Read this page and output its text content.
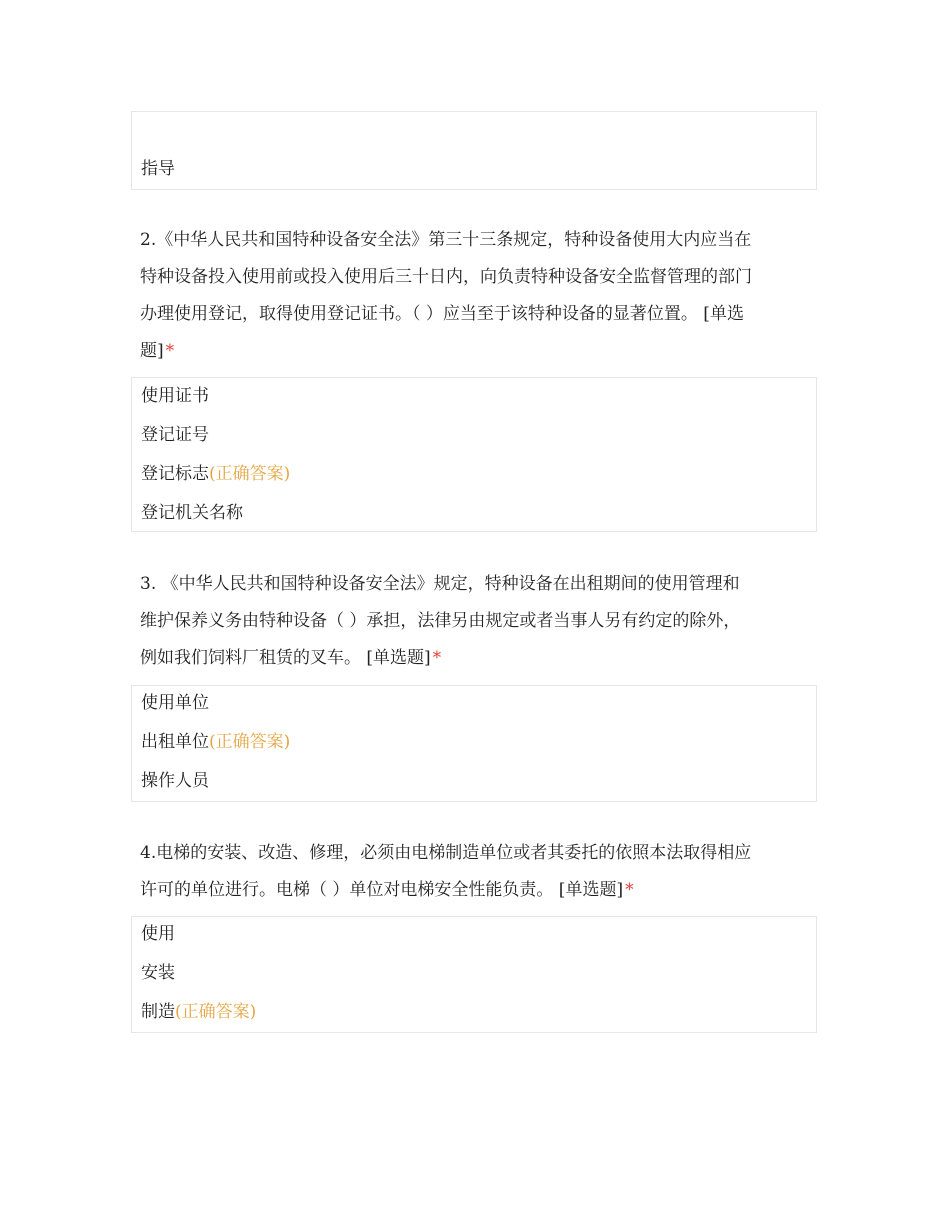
指导
2.《中华人民共和国特种设备安全法》第三十三条规定，特种设备使用大内应当在
特种设备投入使用前或投入使用后三十日内，向负责特种设备安全监督管理的部门
办理使用登记，取得使用登记证书。（ ）应当至于该特种设备的显著位置。 [单选
题] *
使用证书
登记证号
登记标志(正确答案)
登记机关名称
3. 《中华人民共和国特种设备安全法》规定，特种设备在出租期间的使用管理和
维护保养义务由特种设备（ ）承担，法律另由规定或者当事人另有约定的除外，
例如我们饲料厂租赁的叉车。 [单选题] *
使用单位
出租单位(正确答案)
操作人员
4.电梯的安装、改造、修理，必须由电梯制造单位或者其委托的依照本法取得相应
许可的单位进行。电梯（ ）单位对电梯安全性能负责。 [单选题] *
使用
安装
制造(正确答案)
